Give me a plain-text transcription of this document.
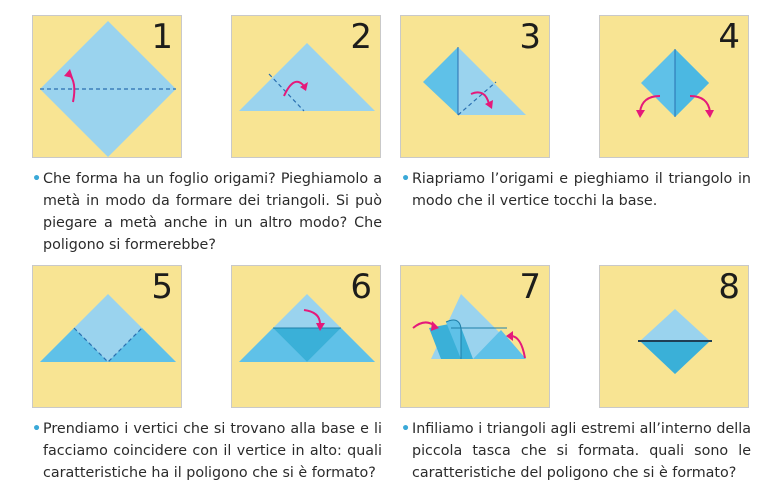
1	2	3	4
• Che forma ha un foglio origami? Pieghiamolo a metà in modo da formare dei triangoli. Si può piegare a metà anche in un altro modo? Che poligono si formerebbe?

• Riapriamo l’origami e pieghiamo il triangolo in modo che il vertice tocchi la base.

5	6	7	8
• Prendiamo i vertici che si trovano alla base e li facciamo coincidere con il vertice in alto: quali caratteristiche ha il poligono che si è formato?

• Infiliamo i triangoli agli estremi all’interno della piccola tasca che si formata. quali sono le caratteristiche del poligono che si è formato?
